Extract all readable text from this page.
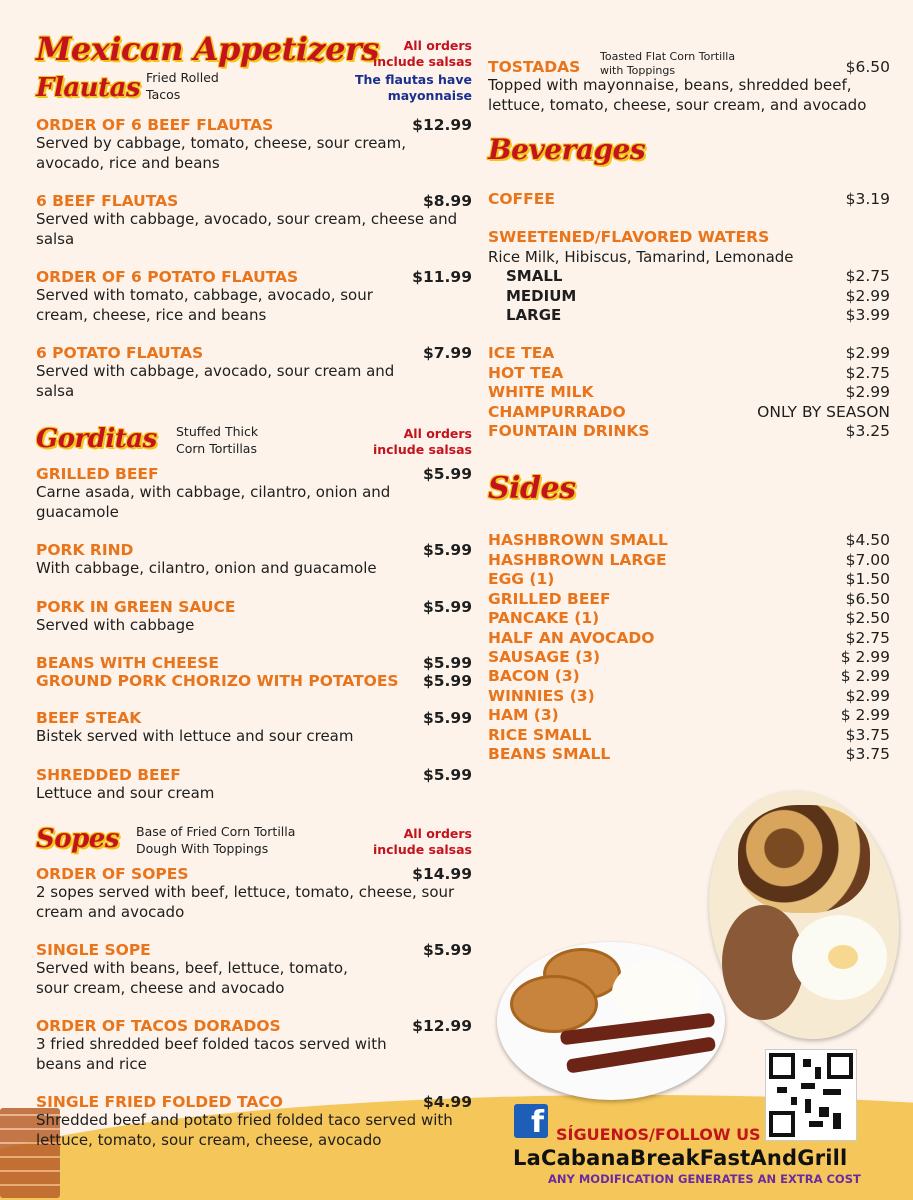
Mexican Appetizers	All orders include salsas
Flautas Fried Rolled Tacos
The flautas have mayonnaise
ORDER OF 6 BEEF FLAUTAS	$12.99
Served by cabbage, tomato, cheese, sour cream, avocado, rice and beans
6 BEEF FLAUTAS	$8.99
Served with cabbage, avocado, sour cream, cheese and salsa
ORDER OF 6 POTATO FLAUTAS	$11.99
Served with tomato, cabbage, avocado, sour cream, cheese, rice and beans
6 POTATO FLAUTAS	$7.99
Served with cabbage, avocado, sour cream and salsa
Gorditas Stuffed Thick Corn Tortillas
All orders include salsas
GRILLED BEEF	$5.99
Carne asada, with cabbage, cilantro, onion and guacamole
PORK RIND	$5.99
With cabbage, cilantro, onion and guacamole
PORK IN GREEN SAUCE	$5.99
Served with cabbage
BEANS WITH CHEESE	$5.99
GROUND PORK CHORIZO WITH POTATOES $5.99
BEEF STEAK	$5.99
Bistek served with lettuce and sour cream
SHREDDED BEEF	$5.99
Lettuce and sour cream
Sopes Base of Fried Corn Tortilla Dough With Toppings
All orders include salsas
ORDER OF SOPES	$14.99
2 sopes served with beef, lettuce, tomato, cheese, sour cream and avocado
SINGLE SOPE	$5.99
Served with beans, beef, lettuce, tomato, sour cream, cheese and avocado
ORDER OF TACOS DORADOS	$12.99
3 fried shredded beef folded tacos served with beans and rice
SINGLE FRIED FOLDED TACO	$4.99
Shredded beef and potato fried folded taco served with lettuce, tomato, sour cream, cheese, avocado
TOSTADAS
Toasted Flat Corn Tortilla with Toppings	$6.50
Topped with mayonnaise, beans, shredded beef, lettuce, tomato, cheese, sour cream, and avocado
Beverages
COFFEE	$3.19
SWEETENED/FLAVORED WATERS
Rice Milk, Hibiscus, Tamarind, Lemonade
SMALL	$2.75
MEDIUM	$2.99
LARGE	$3.99
ICE TEA	$2.99
HOT TEA	$2.75
WHITE MILK	$2.99
CHAMPURRADO	ONLY BY SEASON
FOUNTAIN DRINKS	$3.25
Sides
HASHBROWN SMALL	$4.50
HASHBROWN LARGE	$7.00
EGG (1)	$1.50
GRILLED BEEF	$6.50
PANCAKE (1)	$2.50
HALF AN AVOCADO	$2.75
SAUSAGE (3)	$ 2.99
BACON (3)	$ 2.99
WINNIES (3)	$2.99
HAM (3)	$ 2.99
RICE SMALL	$3.75
BEANS SMALL	$3.75
f SÍGUENOS/FOLLOW US
LaCabanaBreakFastAndGrill
ANY MODIFICATION GENERATES AN EXTRA COST
